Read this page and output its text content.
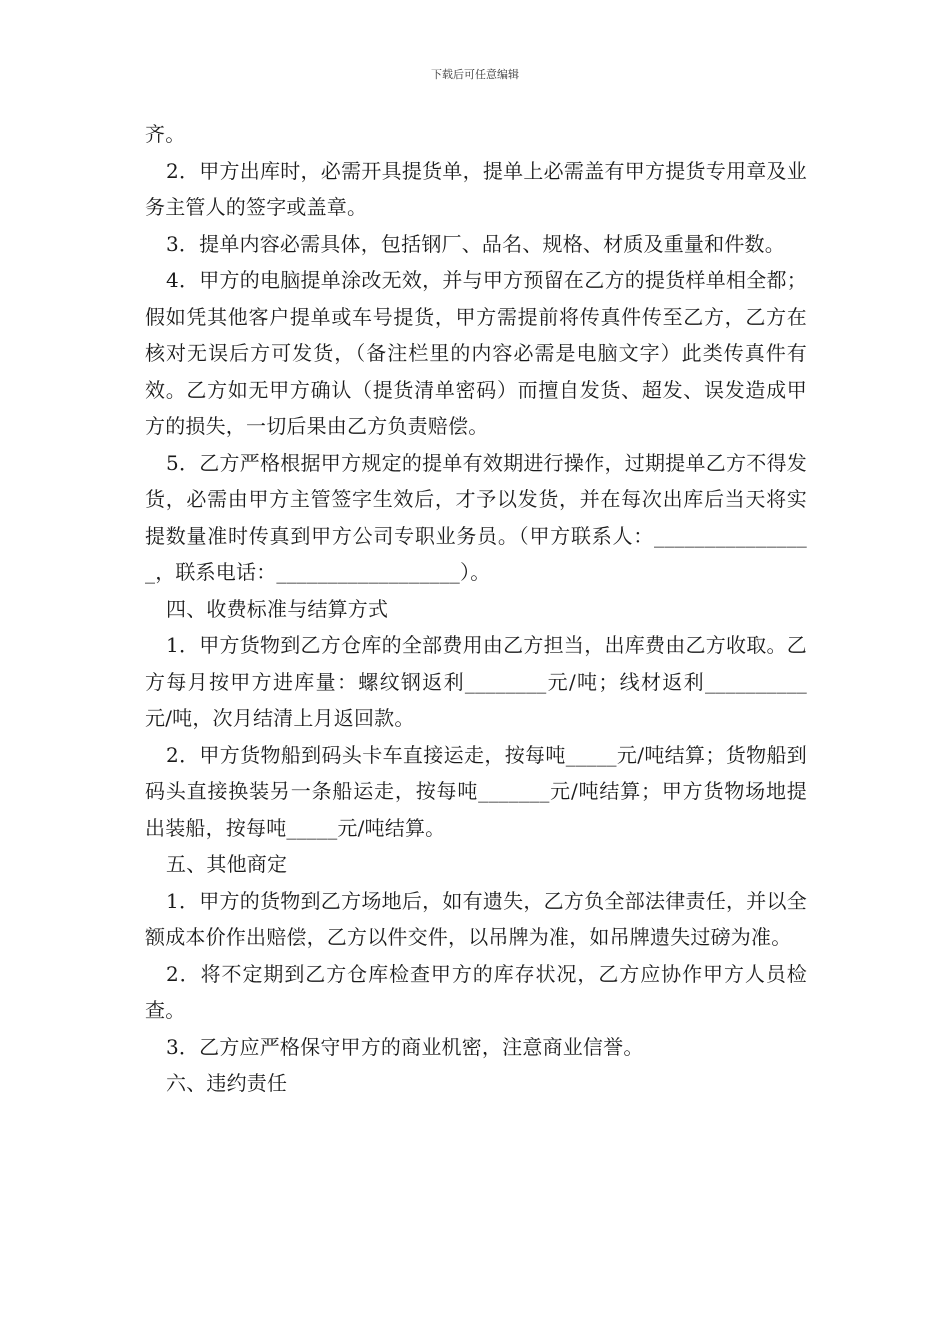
下载后可任意编辑

齐。

2．甲方出库时，必需开具提货单，提单上必需盖有甲方提货专用章及业务主管人的签字或盖章。

3．提单内容必需具体，包括钢厂、品名、规格、材质及重量和件数。

4．甲方的电脑提单涂改无效，并与甲方预留在乙方的提货样单相全都；假如凭其他客户提单或车号提货，甲方需提前将传真件传至乙方，乙方在核对无误后方可发货，（备注栏里的内容必需是电脑文字）此类传真件有效。乙方如无甲方确认（提货清单密码）而擅自发货、超发、误发造成甲方的损失，一切后果由乙方负责赔偿。

5．乙方严格根据甲方规定的提单有效期进行操作，过期提单乙方不得发货，必需由甲方主管签字生效后，才予以发货，并在每次出库后当天将实提数量准时传真到甲方公司专职业务员。（甲方联系人：________________，联系电话：__________________）。

四、收费标准与结算方式

1．甲方货物到乙方仓库的全部费用由乙方担当，出库费由乙方收取。乙方每月按甲方进库量：螺纹钢返利________元/吨；线材返利__________元/吨，次月结清上月返回款。

2．甲方货物船到码头卡车直接运走，按每吨_____元/吨结算；货物船到码头直接换装另一条船运走，按每吨_______元/吨结算；甲方货物场地提出装船，按每吨_____元/吨结算。

五、其他商定

1．甲方的货物到乙方场地后，如有遗失，乙方负全部法律责任，并以全额成本价作出赔偿，乙方以件交件，以吊牌为准，如吊牌遗失过磅为准。

2．将不定期到乙方仓库检查甲方的库存状况，乙方应协作甲方人员检查。

3．乙方应严格保守甲方的商业机密，注意商业信誉。

六、违约责任
